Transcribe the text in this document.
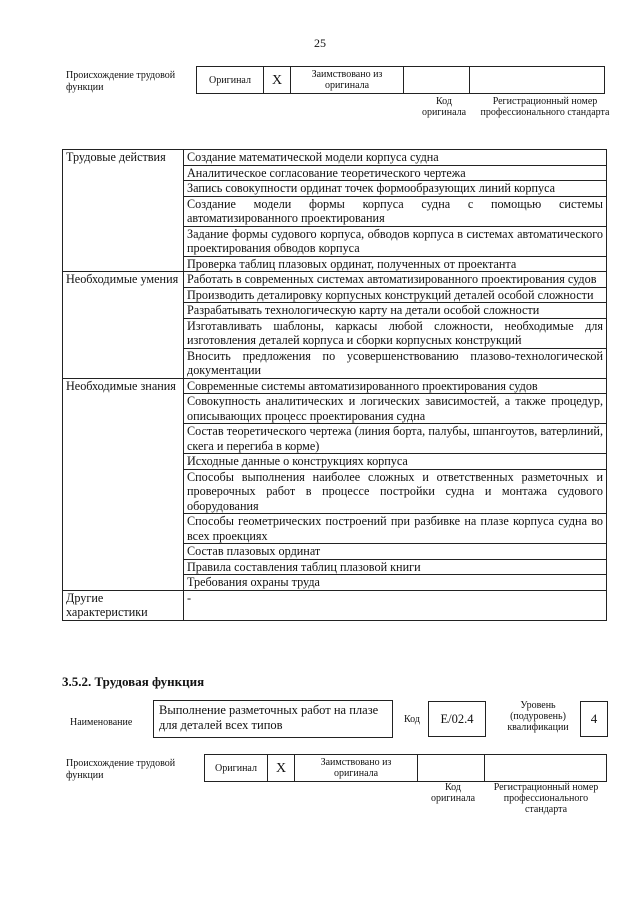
25
Происхождение трудовой функции
Оригинал	X	Заимствовано из оригинала
Код оригинала
Регистрационный номер профессионального стандарта
Трудовые действия	Создание математической модели корпуса судна
	Аналитическое согласование теоретического чертежа
	Запись совокупности ординат точек формообразующих линий корпуса
	Создание модели формы корпуса судна с помощью системы автоматизированного проектирования
	Задание формы судового корпуса, обводов корпуса в системах автоматического проектирования обводов корпуса
	Проверка таблиц плазовых ординат, полученных от проектанта
Необходимые умения	Работать в современных системах автоматизированного проектирования судов
	Производить деталировку корпусных конструкций деталей особой сложности
	Разрабатывать технологическую карту на детали особой сложности
	Изготавливать шаблоны, каркасы любой сложности, необходимые для изготовления деталей корпуса и сборки корпусных конструкций
	Вносить предложения по усовершенствованию плазово-технологической документации
Необходимые знания	Современные системы автоматизированного проектирования судов
	Совокупность аналитических и логических зависимостей, а также процедур, описывающих процесс проектирования судна
	Состав теоретического чертежа (линия борта, палубы, шпангоутов, ватерлиний, скега и перегиба в корме)
	Исходные данные о конструкциях корпуса
	Способы выполнения наиболее сложных и ответственных разметочных и проверочных работ в процессе постройки судна и монтажа судового оборудования
	Способы геометрических построений при разбивке на плазе корпуса судна во всех проекциях
	Состав плазовых ординат
	Правила составления таблиц плазовой книги
	Требования охраны труда
Другие характеристики	-
3.5.2. Трудовая функция
Наименование
Выполнение разметочных работ на плазе для деталей всех типов	Код	E/02.4
Уровень (подуровень) квалификации
4
Происхождение трудовой функции
Оригинал	X	Заимствовано из оригинала
Код оригинала
Регистрационный номер профессионального стандарта
